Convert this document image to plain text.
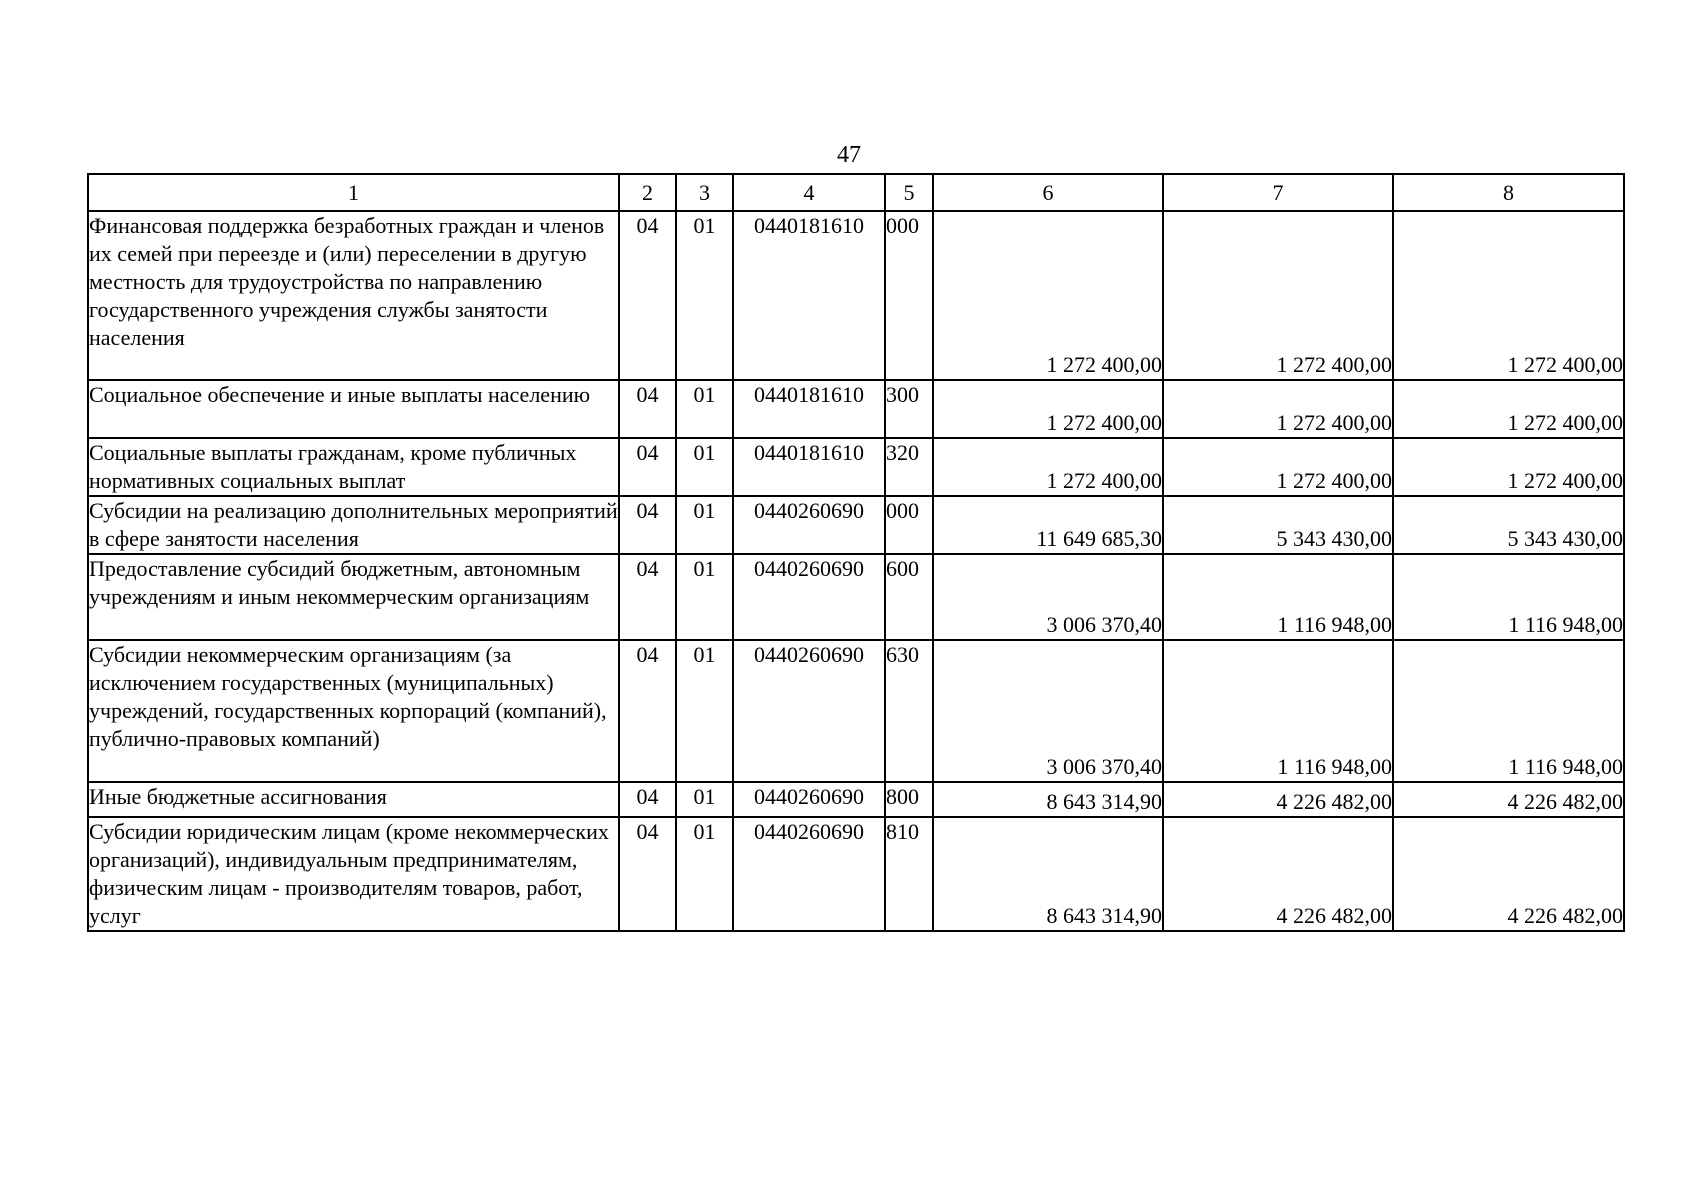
47
1	2	3	4	5	6	7	8
Финансовая поддержка безработных граждан и членов их семей при переезде и (или) переселении в другую местность для трудоустройства по направлению государственного учреждения службы занятости населения	04	01	0440181610	000	1 272 400,00	1 272 400,00	1 272 400,00
Социальное обеспечение и иные выплаты населению	04	01	0440181610	300	1 272 400,00	1 272 400,00	1 272 400,00
Социальные выплаты гражданам, кроме публичных нормативных социальных выплат	04	01	0440181610	320	1 272 400,00	1 272 400,00	1 272 400,00
Субсидии на реализацию дополнительных мероприятий в сфере занятости населения	04	01	0440260690	000	11 649 685,30	5 343 430,00	5 343 430,00
Предоставление субсидий бюджетным, автономным учреждениям и иным некоммерческим организациям	04	01	0440260690	600	3 006 370,40	1 116 948,00	1 116 948,00
Субсидии некоммерческим организациям (за исключением государственных (муниципальных) учреждений, государственных корпораций (компаний), публично-правовых компаний)	04	01	0440260690	630	3 006 370,40	1 116 948,00	1 116 948,00
Иные бюджетные ассигнования	04	01	0440260690	800	8 643 314,90	4 226 482,00	4 226 482,00
Субсидии юридическим лицам (кроме некоммерческих организаций), индивидуальным предпринимателям, физическим лицам - производителям товаров, работ, услуг	04	01	0440260690	810	8 643 314,90	4 226 482,00	4 226 482,00
